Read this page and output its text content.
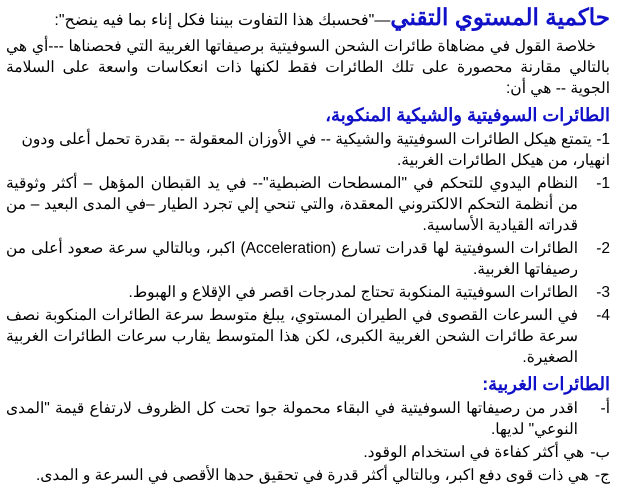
حاكمية المستوي التقني—"فحسبك هذا التفاوت بيننا فكل إناء بما فيه ينضح":

خلاصة القول في مضاهاة طائرات الشحن السوفيتية برصيفاتها الغربية التي فحصناها ---أي هي بالتالي مقارنة محصورة على تلك الطائرات فقط لكنها ذات انعكاسات واسعة على السلامة الجوية -- هي أن:

الطائرات السوفيتية والشيكية المنكوبة،
1- يتمتع هيكل الطائرات السوفيتية والشيكية -- في الأوزان المعقولة -- بقدرة تحمل أعلى ودون انهيار، من هيكل الطائرات الغربية.
1-
النظام اليدوي للتحكم في "المسطحات الضبطية"-- في يد القبطان المؤهل – أكثر وثوقية من أنظمة التحكم الالكتروني المعقدة، والتي تنحي إلي تجرد الطيار –في المدى البعيد – من قدراته القيادية الأساسية.
2-
الطائرات السوفيتية لها قدرات تسارع (Acceleration) اكبر، وبالتالي سرعة صعود أعلى من رصيفاتها الغربية.
3-
الطائرات السوفيتية المنكوبة تحتاج لمدرجات اقصر في الإقلاع و الهبوط.
4-
في السرعات القصوى في الطيران المستوي، يبلغ متوسط سرعة الطائرات المنكوبة نصف سرعة طائرات الشحن الغربية الكبرى، لكن هذا المتوسط يقارب سرعات الطائرات الغربية الصغيرة.
الطائرات الغربية:
أ-
اقدر من رصيفاتها السوفيتية في البقاء محمولة جوا تحت كل الظروف لارتفاع قيمة "المدى النوعي" لديها.
ب-
هي أكثر كفاءة في استخدام الوقود.
ج-
هي ذات قوى دفع اكبر، وبالتالي أكثر قدرة في تحقيق حدها الأقصى في السرعة و المدى.
